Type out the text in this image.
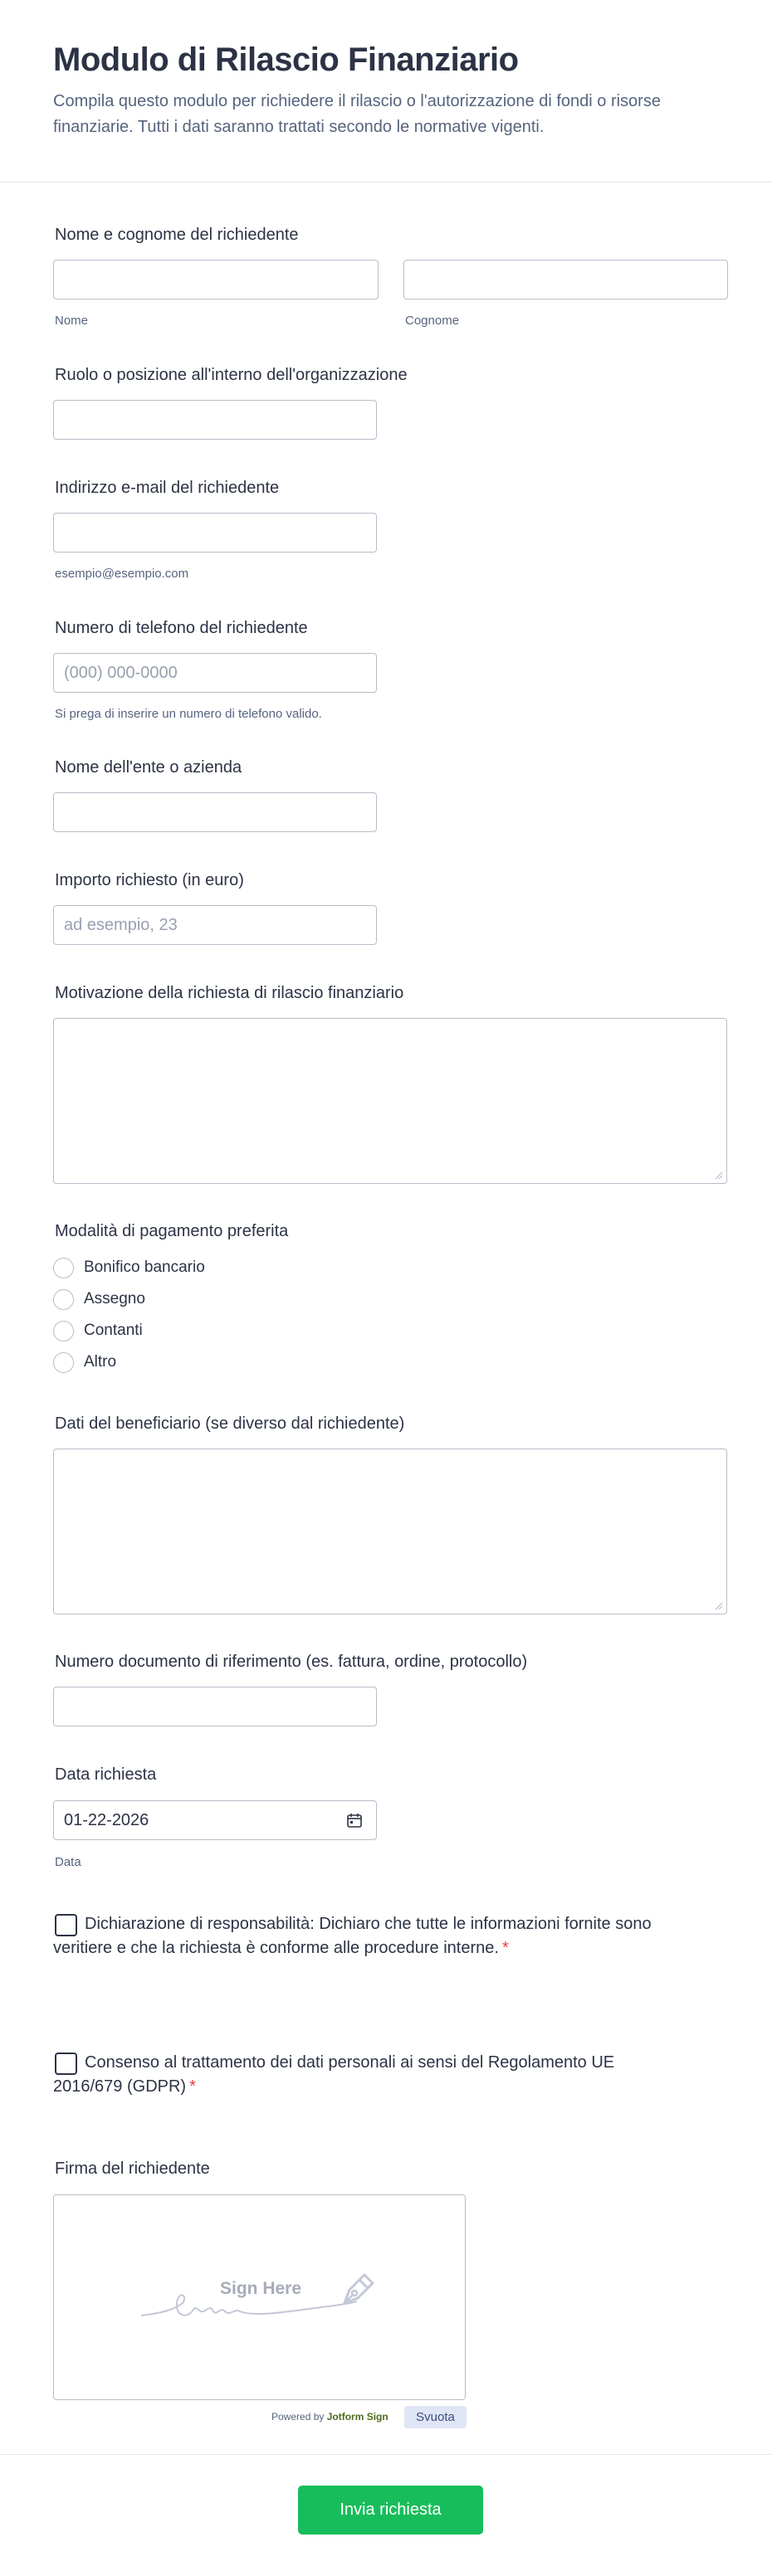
Modulo di Rilascio Finanziario

Compila questo modulo per richiedere il rilascio o l'autorizzazione di fondi o risorse finanziarie. Tutti i dati saranno trattati secondo le normative vigenti.

Nome e cognome del richiedente
Nome	Cognome
Ruolo o posizione all'interno dell'organizzazione
Indirizzo e-mail del richiedente
esempio@esempio.com
Numero di telefono del richiedente
(000) 000-0000
Si prega di inserire un numero di telefono valido.
Nome dell'ente o azienda
Importo richiesto (in euro)
ad esempio, 23
Motivazione della richiesta di rilascio finanziario
Modalità di pagamento preferita
Bonifico bancario
Assegno
Contanti
Altro
Dati del beneficiario (se diverso dal richiedente)
Numero documento di riferimento (es. fattura, ordine, protocollo)
Data richiesta
01-22-2026
Data
Dichiarazione di responsabilità: Dichiaro che tutte le informazioni fornite sono veritiere e che la richiesta è conforme alle procedure interne. *
Consenso al trattamento dei dati personali ai sensi del Regolamento UE 2016/679 (GDPR) *
Firma del richiedente
Sign Here
Powered by Jotform Sign	Svuota
Invia richiesta
